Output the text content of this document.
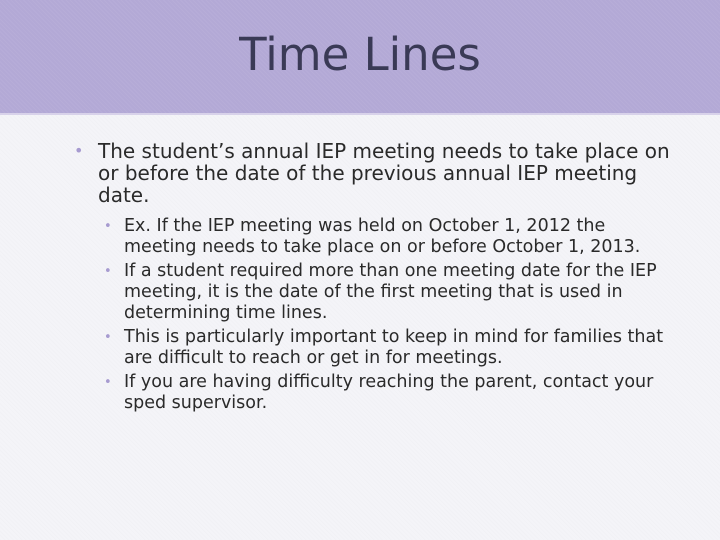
Time Lines
• The student’s annual IEP meeting needs to take place on or before the date of the previous annual IEP meeting date.
• Ex. If the IEP meeting was held on October 1, 2012 the meeting needs to take place on or before October 1, 2013.
• If a student required more than one meeting date for the IEP meeting, it is the date of the first meeting that is used in determining time lines.
• This is particularly important to keep in mind for families that are difficult to reach or get in for meetings.
• If you are having difficulty reaching the parent, contact your sped supervisor.
